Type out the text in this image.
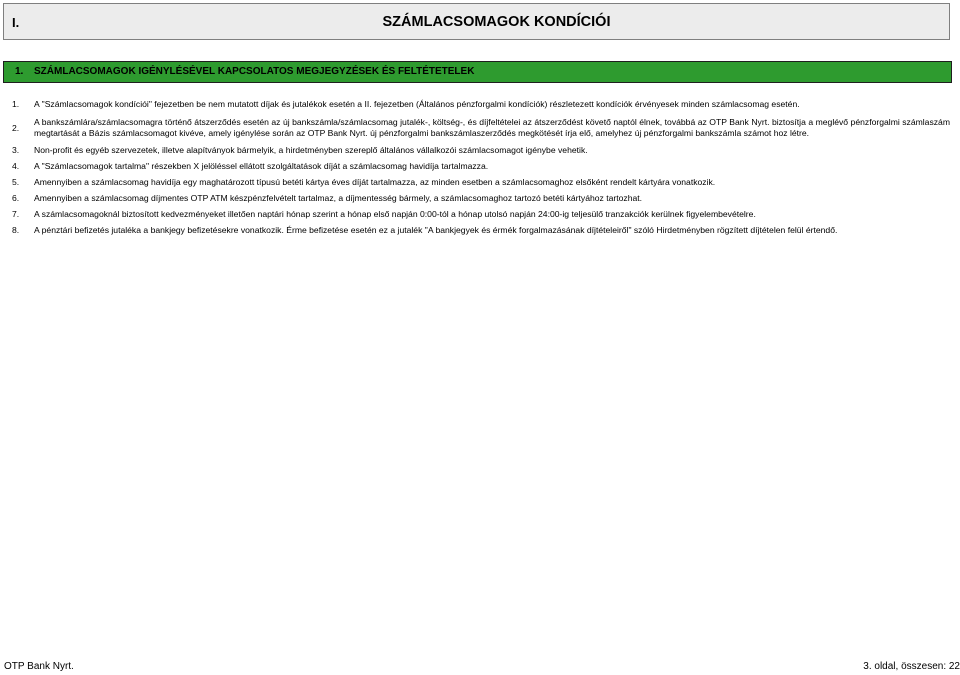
I.	SZÁMLACSOMAGOK KONDÍCIÓI
1. SZÁMLACSOMAGOK IGÉNYLÉSÉVEL KAPCSOLATOS MEGJEGYZÉSEK ÉS FELTÉTETELEK
1.	A "Számlacsomagok kondíciói" fejezetben be nem mutatott díjak és jutalékok esetén a II. fejezetben (Általános pénzforgalmi kondíciók) részletezett kondíciók érvényesek minden számlacsomag esetén.
2.
A bankszámlára/számlacsomagra történő átszerződés esetén az új bankszámla/számlacsomag jutalék-, költség-, és díjfeltételei az átszerződést követő naptól élnek, továbbá az OTP Bank Nyrt. biztosítja a meglévő pénzforgalmi számlaszám megtartását a Bázis számlacsomagot kivéve, amely igénylése során az OTP Bank Nyrt. új pénzforgalmi bankszámlaszerződés megkötését írja elő, amelyhez új pénzforgalmi bankszámla számot hoz létre.
3.	Non-profit és egyéb szervezetek, illetve alapítványok bármelyik, a hirdetményben szereplő általános vállalkozói számlacsomagot igénybe vehetik.
4.	A "Számlacsomagok tartalma" részekben X jelöléssel ellátott szolgáltatások díját a számlacsomag havidíja tartalmazza.
5.	Amennyiben a számlacsomag havidíja egy maghatározott típusú betéti kártya éves díját tartalmazza, az minden esetben a számlacsomaghoz elsőként rendelt kártyára vonatkozik.
6.	Amennyiben a számlacsomag díjmentes OTP ATM készpénzfelvételt tartalmaz, a díjmentesség bármely, a számlacsomaghoz tartozó betéti kártyához tartozhat.
7.	A számlacsomagoknál biztosított kedvezményeket illetően naptári hónap szerint a hónap első napján 0:00-tól a hónap utolsó napján 24:00-ig teljesülő tranzakciók kerülnek figyelembevételre.
8.	A pénztári befizetés jutaléka a bankjegy befizetésekre vonatkozik. Érme befizetése esetén ez a jutalék "A bankjegyek és érmék forgalmazásának díjtételeiről" szóló Hirdetményben rögzített díjtételen felül értendő.
OTP Bank Nyrt.	3. oldal, összesen: 22
